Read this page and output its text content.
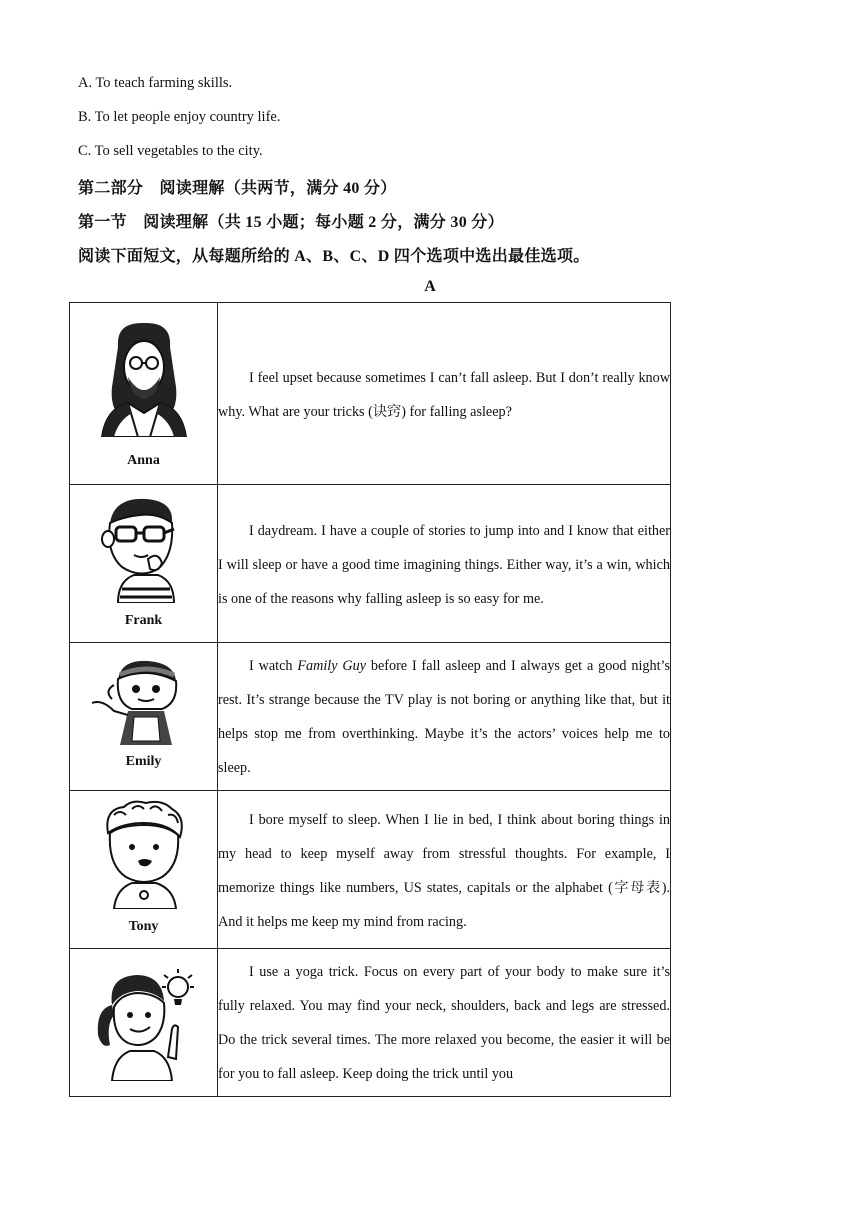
A. To teach farming skills.
B. To let people enjoy country life.
C. To sell vegetables to the city.
第二部分　阅读理解（共两节，满分 40 分）
第一节　阅读理解（共 15 小题；每小题 2 分，满分 30 分）
阅读下面短文，从每题所给的 A、B、C、D 四个选项中选出最佳选项。
A
Anna	I feel upset because sometimes I can’t fall asleep. But I don’t really know why. What are your tricks (诀窍) for falling asleep?

Frank	I daydream. I have a couple of stories to jump into and I know that either I will sleep or have a good time imagining things. Either way, it’s a win, which is one of the reasons why falling asleep is so easy for me.

Emily	I watch Family Guy before I fall asleep and I always get a good night’s rest. It’s strange because the TV play is not boring or anything like that, but it helps stop me from overthinking. Maybe it’s the actors’ voices help me to sleep.

Tony	I bore myself to sleep. When I lie in bed, I think about boring things in my head to keep myself away from stressful thoughts. For example, I memorize things like numbers, US states, capitals or the alphabet (字母表). And it helps me keep my mind from racing.

I use a yoga trick. Focus on every part of your body to make sure it’s fully relaxed. You may find your neck, shoulders, back and legs are stressed. Do the trick several times. The more relaxed you become, the easier it will be for you to fall asleep. Keep doing the trick until you
